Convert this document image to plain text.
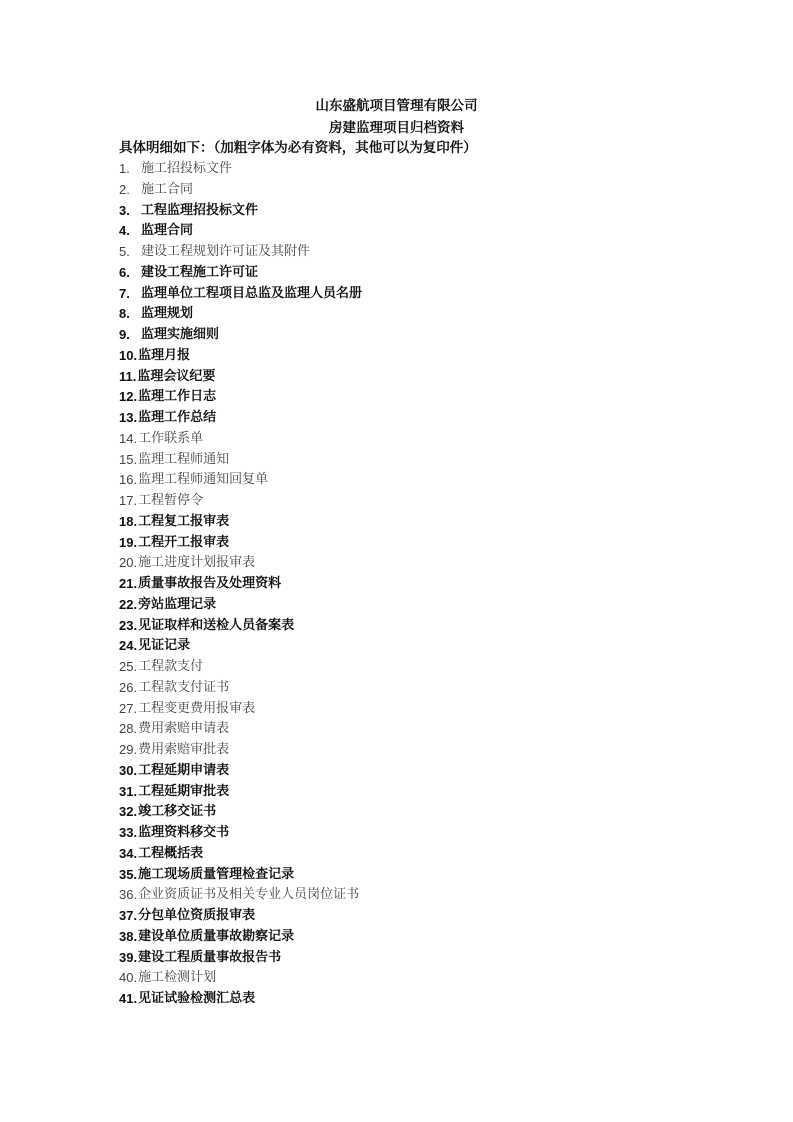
山东盛航项目管理有限公司
房建监理项目归档资料
具体明细如下：（加粗字体为必有资料，其他可以为复印件）
1. 施工招投标文件
2. 施工合同
3. 工程监理招投标文件
4. 监理合同
5. 建设工程规划许可证及其附件
6. 建设工程施工许可证
7. 监理单位工程项目总监及监理人员名册
8. 监理规划
9. 监理实施细则
10. 监理月报
11. 监理会议纪要
12. 监理工作日志
13. 监理工作总结
14. 工作联系单
15. 监理工程师通知
16. 监理工程师通知回复单
17. 工程暂停令
18. 工程复工报审表
19. 工程开工报审表
20. 施工进度计划报审表
21. 质量事故报告及处理资料
22. 旁站监理记录
23. 见证取样和送检人员备案表
24. 见证记录
25. 工程款支付
26. 工程款支付证书
27. 工程变更费用报审表
28. 费用索赔申请表
29. 费用索赔审批表
30. 工程延期申请表
31. 工程延期审批表
32. 竣工移交证书
33. 监理资料移交书
34. 工程概括表
35. 施工现场质量管理检查记录
36. 企业资质证书及相关专业人员岗位证书
37. 分包单位资质报审表
38. 建设单位质量事故勘察记录
39. 建设工程质量事故报告书
40. 施工检测计划
41. 见证试验检测汇总表
